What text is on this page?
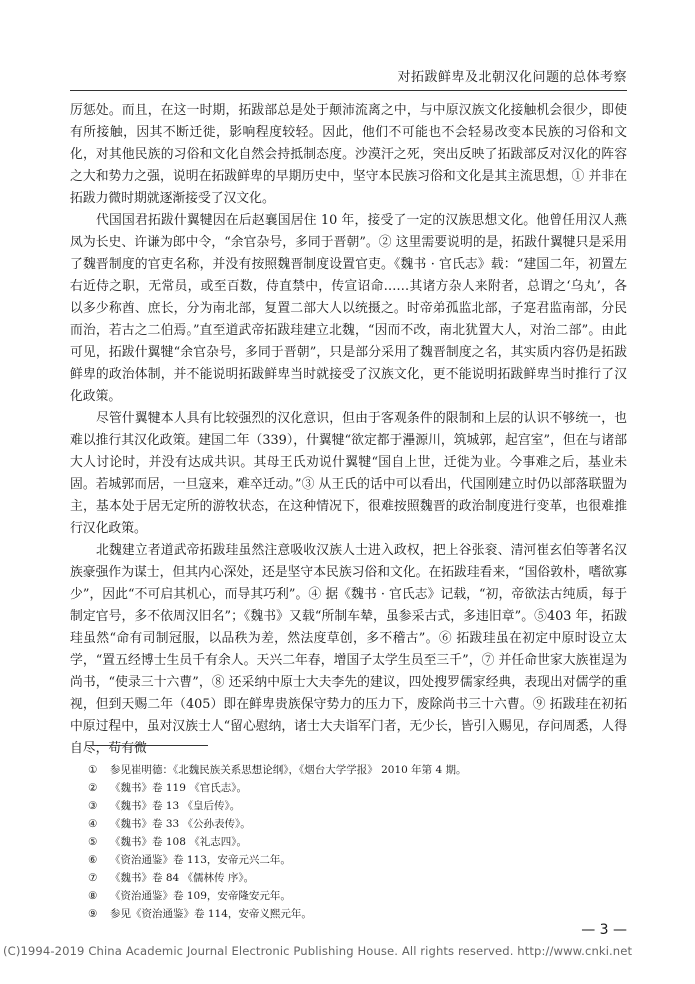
对拓跋鲜卑及北朝汉化问题的总体考察

厉惩处。而且，在这一时期，拓跋部总是处于颠沛流离之中，与中原汉族文化接触机会很少，即使有所接触，因其不断迁徙，影响程度较轻。因此，他们不可能也不会轻易改变本民族的习俗和文化，对其他民族的习俗和文化自然会持抵制态度。沙漠汗之死，突出反映了拓跋部反对汉化的阵容之大和势力之强，说明在拓跋鲜卑的早期历史中，坚守本民族习俗和文化是其主流思想，① 并非在拓跋力微时期就逐渐接受了汉文化。

代国国君拓跋什翼犍因在后赵襄国居住 10 年，接受了一定的汉族思想文化。他曾任用汉人燕凤为长史、许谦为郎中令，“余官杂号，多同于晋朝”。② 这里需要说明的是，拓跋什翼犍只是采用了魏晋制度的官吏名称，并没有按照魏晋制度设置官吏。《魏书 · 官氏志》载：“建国二年，初置左右近侍之职，无常员，或至百数，侍直禁中，传宣诏命……其诸方杂人来附者，总谓之‘乌丸’，各以多少称酋、庶长，分为南北部，复置二部大人以统摄之。时帝弟孤监北部，子寔君监南部，分民而治，若古之二伯焉。”直至道武帝拓跋珪建立北魏，“因而不改，南北犹置大人，对治二部”。由此可见，拓跋什翼犍“余官杂号，多同于晋朝”，只是部分采用了魏晋制度之名，其实质内容仍是拓跋鲜卑的政治体制，并不能说明拓跋鲜卑当时就接受了汉族文化，更不能说明拓跋鲜卑当时推行了汉化政策。

尽管什翼犍本人具有比较强烈的汉化意识，但由于客观条件的限制和上层的认识不够统一，也难以推行其汉化政策。建国二年（339），什翼犍“欲定都于灅源川，筑城郭，起宫室”，但在与诸部大人讨论时，并没有达成共识。其母王氏劝说什翼犍“国自上世，迁徙为业。今事难之后，基业未固。若城郭而居，一旦寇来，难卒迁动。”③ 从王氏的话中可以看出，代国刚建立时仍以部落联盟为主，基本处于居无定所的游牧状态，在这种情况下，很难按照魏晋的政治制度进行变革，也很难推行汉化政策。

北魏建立者道武帝拓跋珪虽然注意吸收汉族人士进入政权，把上谷张衮、清河崔玄伯等著名汉族豪强作为谋士，但其内心深处，还是坚守本民族习俗和文化。在拓跋珪看来，“国俗敦朴，嗜欲寡少”，因此“不可启其机心，而导其巧利”。④ 据《魏书 · 官氏志》记载，“初，帝欲法古纯质，每于制定官号，多不依周汉旧名”；《魏书》又载“所制车辇，虽参采古式，多违旧章”。⑤403 年，拓跋珪虽然“命有司制冠服，以品秩为差，然法度草创，多不稽古”。⑥ 拓跋珪虽在初定中原时设立太学，“置五经博士生员千有余人。天兴二年春，增国子太学生员至三千”，⑦ 并任命世家大族崔逞为尚书，“使录三十六曹”，⑧ 还采纳中原士大夫李先的建议，四处搜罗儒家经典，表现出对儒学的重视，但到天赐二年（405）即在鲜卑贵族保守势力的压力下，废除尚书三十六曹。⑨ 拓跋珪在初拓中原过程中，虽对汉族士人“留心慰纳，诸士大夫诣军门者，无少长，皆引入赐见，存问周悉，人得自尽，苟有微

① 参见崔明德：《北魏民族关系思想论纲》，《烟台大学学报》 2010 年第 4 期。
② 《魏书》卷 119 《官氏志》。
③ 《魏书》卷 13 《皇后传》。
④ 《魏书》卷 33 《公孙表传》。
⑤ 《魏书》卷 108 《礼志四》。
⑥ 《资治通鉴》卷 113，安帝元兴二年。
⑦ 《魏书》卷 84 《儒林传 序》。
⑧ 《资治通鉴》卷 109，安帝隆安元年。
⑨ 参见《资治通鉴》卷 114，安帝义熙元年。
— 3 —
(C)1994-2019 China Academic Journal Electronic Publishing House. All rights reserved. http://www.cnki.net
